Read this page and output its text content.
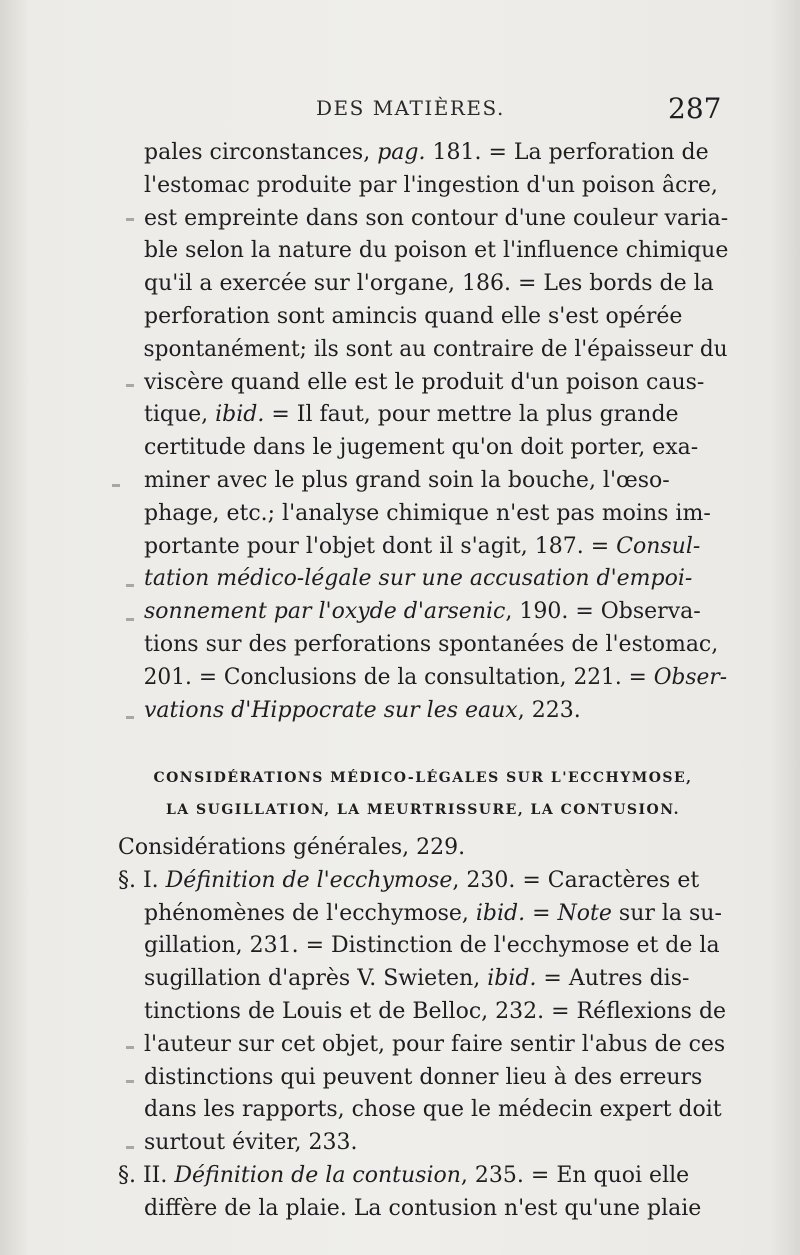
DES MATIÈRES.	287
pales circonstances, pag. 181. = La perforation de
l'estomac produite par l'ingestion d'un poison âcre,
est empreinte dans son contour d'une couleur varia-
ble selon la nature du poison et l'influence chimique
qu'il a exercée sur l'organe, 186. = Les bords de la
perforation sont amincis quand elle s'est opérée
spontanément; ils sont au contraire de l'épaisseur du
viscère quand elle est le produit d'un poison caus-
tique, ibid. = Il faut, pour mettre la plus grande
certitude dans le jugement qu'on doit porter, exa-
miner avec le plus grand soin la bouche, l'œso-
phage, etc.; l'analyse chimique n'est pas moins im-
portante pour l'objet dont il s'agit, 187. = Consul-
tation médico-légale sur une accusation d'empoi-
sonnement par l'oxyde d'arsenic, 190. = Observa-
tions sur des perforations spontanées de l'estomac,
201. = Conclusions de la consultation, 221. = Obser-
vations d'Hippocrate sur les eaux, 223.
CONSIDÉRATIONS MÉDICO-LÉGALES SUR L'ECCHYMOSE,
LA SUGILLATION, LA MEURTRISSURE, LA CONTUSION.
Considérations générales, 229.
§. I. Définition de l'ecchymose, 230. = Caractères et
phénomènes de l'ecchymose, ibid. = Note sur la su-
gillation, 231. = Distinction de l'ecchymose et de la
sugillation d'après V. Swieten, ibid. = Autres dis-
tinctions de Louis et de Belloc, 232. = Réflexions de
l'auteur sur cet objet, pour faire sentir l'abus de ces
distinctions qui peuvent donner lieu à des erreurs
dans les rapports, chose que le médecin expert doit
surtout éviter, 233.
§. II. Définition de la contusion, 235. = En quoi elle
diffère de la plaie. La contusion n'est qu'une plaie
